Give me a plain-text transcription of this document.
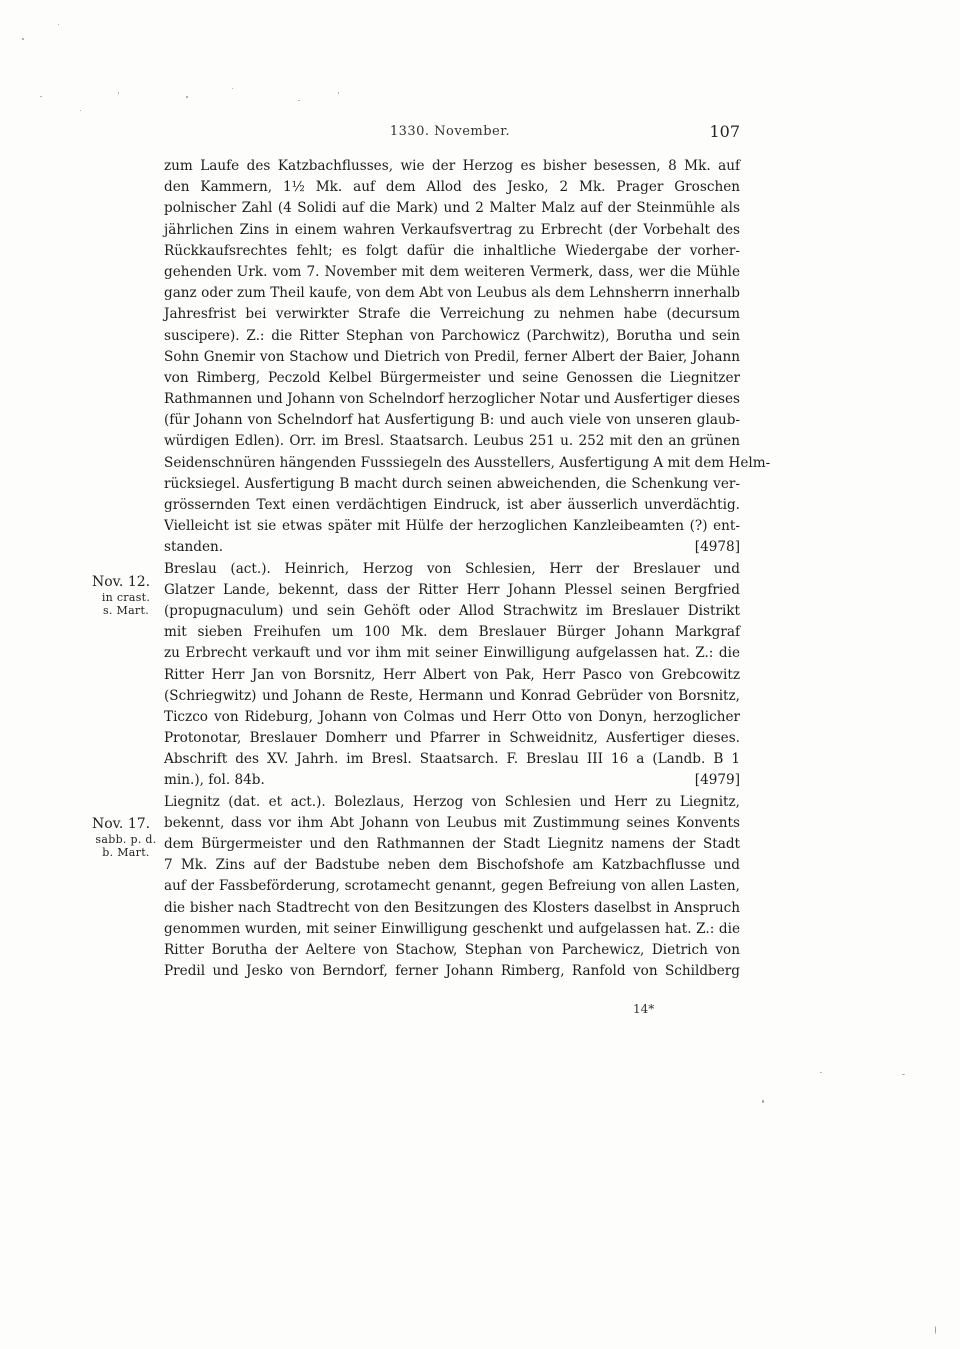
1330. November.	107
Nov. 12.
in crast.
s. Mart.
Nov. 17.
sabb. p. d.
b. Mart.
zum Laufe des Katzbachflusses, wie der Herzog es bisher besessen, 8 Mk. auf
den Kammern, 1½ Mk. auf dem Allod des Jesko, 2 Mk. Prager Groschen
polnischer Zahl (4 Solidi auf die Mark) und 2 Malter Malz auf der Steinmühle als
jährlichen Zins in einem wahren Verkaufsvertrag zu Erbrecht (der Vorbehalt des
Rückkaufsrechtes fehlt; es folgt dafür die inhaltliche Wiedergabe der vorher-
gehenden Urk. vom 7. November mit dem weiteren Vermerk, dass, wer die Mühle
ganz oder zum Theil kaufe, von dem Abt von Leubus als dem Lehnsherrn innerhalb
Jahresfrist bei verwirkter Strafe die Verreichung zu nehmen habe (decursum
suscipere). Z.: die Ritter Stephan von Parchowicz (Parchwitz), Borutha und sein
Sohn Gnemir von Stachow und Dietrich von Predil, ferner Albert der Baier, Johann
von Rimberg, Peczold Kelbel Bürgermeister und seine Genossen die Liegnitzer
Rathmannen und Johann von Schelndorf herzoglicher Notar und Ausfertiger dieses
(für Johann von Schelndorf hat Ausfertigung B: und auch viele von unseren glaub-
würdigen Edlen). Orr. im Bresl. Staatsarch. Leubus 251 u. 252 mit den an grünen
Seidenschnüren hängenden Fusssiegeln des Ausstellers, Ausfertigung A mit dem Helm-
rücksiegel. Ausfertigung B macht durch seinen abweichenden, die Schenkung ver-
grössernden Text einen verdächtigen Eindruck, ist aber äusserlich unverdächtig.
Vielleicht ist sie etwas später mit Hülfe der herzoglichen Kanzleibeamten (?) ent-
standen.	[4978]
Breslau (act.). Heinrich, Herzog von Schlesien, Herr der Breslauer und
Glatzer Lande, bekennt, dass der Ritter Herr Johann Plessel seinen Bergfried
(propugnaculum) und sein Gehöft oder Allod Strachwitz im Breslauer Distrikt
mit sieben Freihufen um 100 Mk. dem Breslauer Bürger Johann Markgraf
zu Erbrecht verkauft und vor ihm mit seiner Einwilligung aufgelassen hat. Z.: die
Ritter Herr Jan von Borsnitz, Herr Albert von Pak, Herr Pasco von Grebcowitz
(Schriegwitz) und Johann de Reste, Hermann und Konrad Gebrüder von Borsnitz,
Ticzco von Rideburg, Johann von Colmas und Herr Otto von Donyn, herzoglicher
Protonotar, Breslauer Domherr und Pfarrer in Schweidnitz, Ausfertiger dieses.
Abschrift des XV. Jahrh. im Bresl. Staatsarch. F. Breslau III 16 a (Landb. B 1
min.), fol. 84b.	[4979]
Liegnitz (dat. et act.). Bolezlaus, Herzog von Schlesien und Herr zu Liegnitz,
bekennt, dass vor ihm Abt Johann von Leubus mit Zustimmung seines Konvents
dem Bürgermeister und den Rathmannen der Stadt Liegnitz namens der Stadt
7 Mk. Zins auf der Badstube neben dem Bischofshofe am Katzbachflusse und
auf der Fassbeförderung, scrotamecht genannt, gegen Befreiung von allen Lasten,
die bisher nach Stadtrecht von den Besitzungen des Klosters daselbst in Anspruch
genommen wurden, mit seiner Einwilligung geschenkt und aufgelassen hat. Z.: die
Ritter Borutha der Aeltere von Stachow, Stephan von Parchewicz, Dietrich von
Predil und Jesko von Berndorf, ferner Johann Rimberg, Ranfold von Schildberg
14*
